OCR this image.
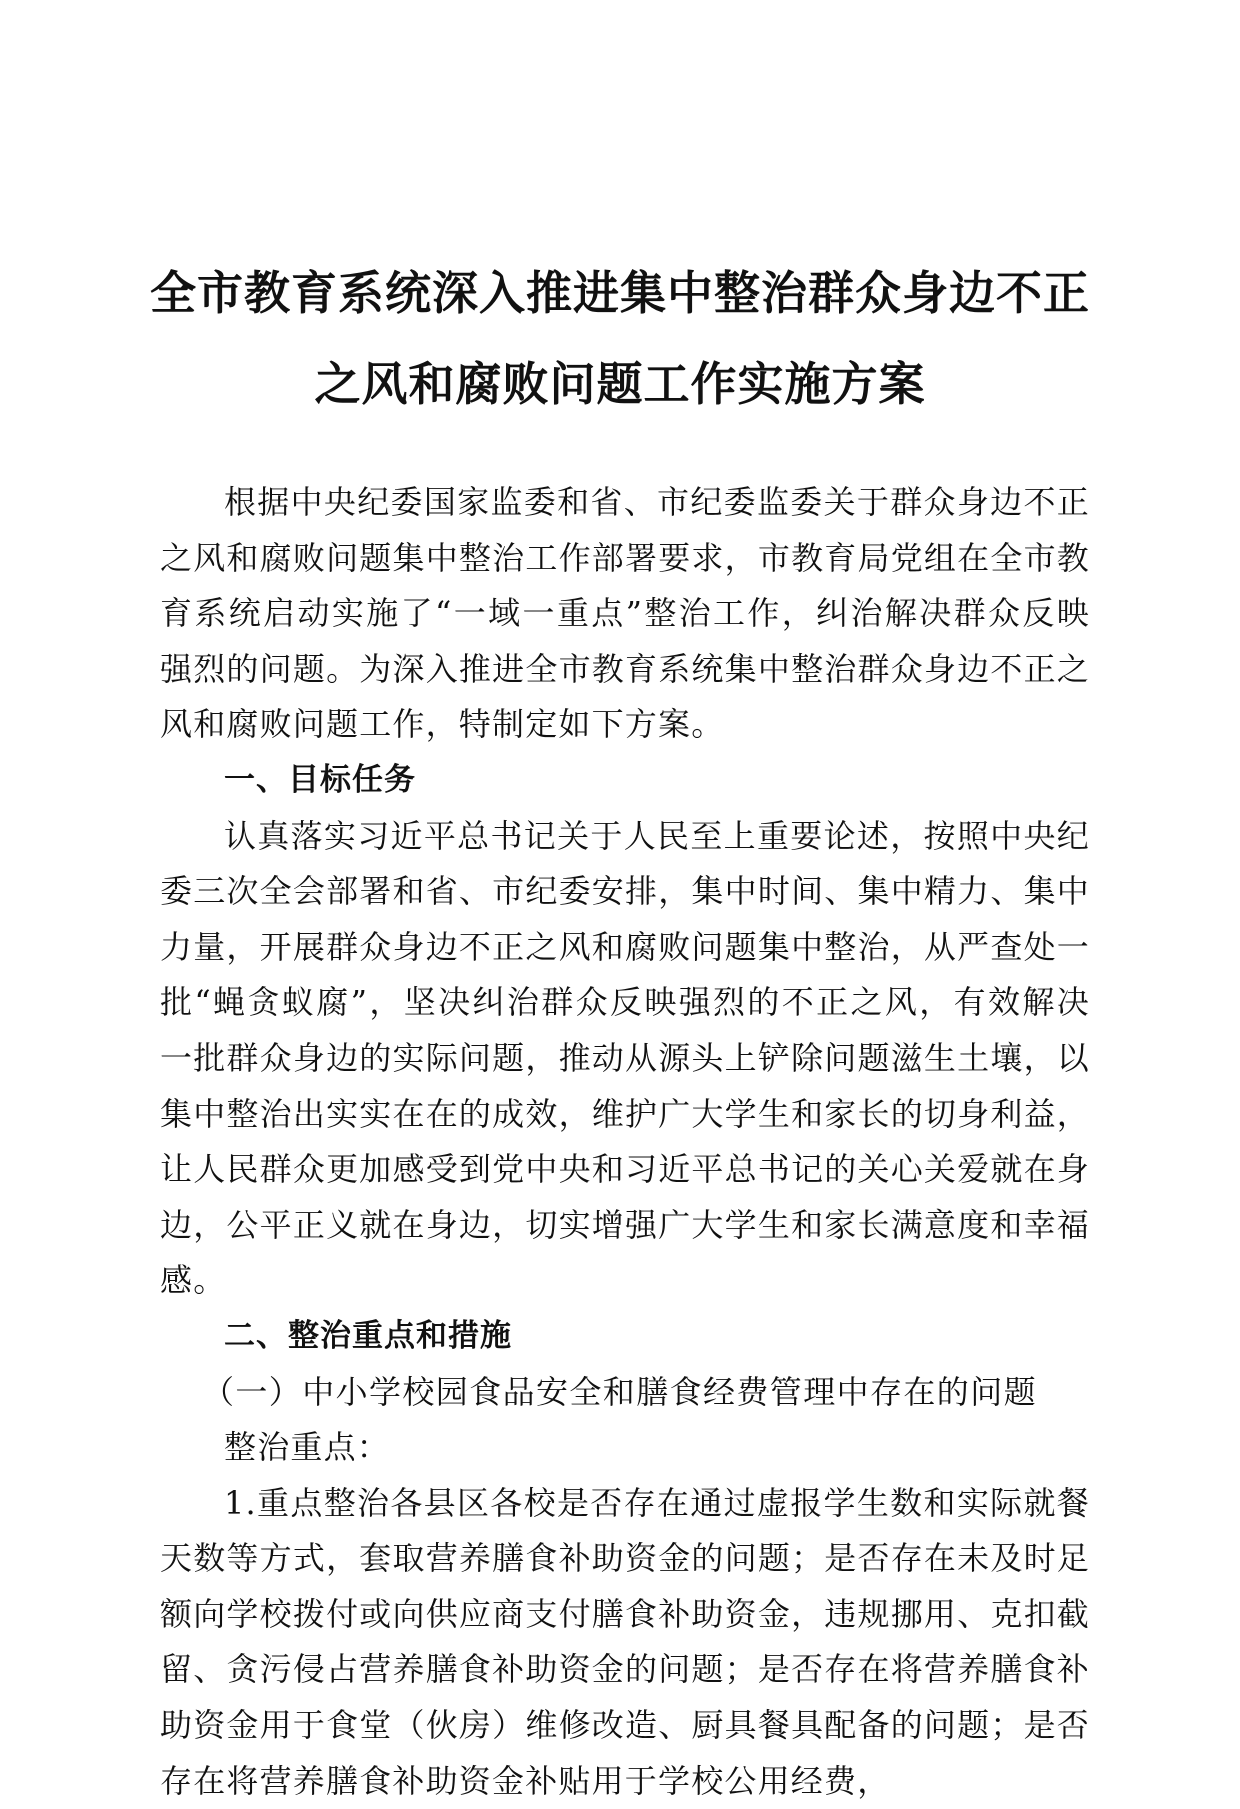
全市教育系统深入推进集中整治群众身边不正
之风和腐败问题工作实施方案

根据中央纪委国家监委和省、市纪委监委关于群众身边不正之风和腐败问题集中整治工作部署要求，市教育局党组在全市教育系统启动实施了“一域一重点”整治工作，纠治解决群众反映强烈的问题。为深入推进全市教育系统集中整治群众身边不正之风和腐败问题工作，特制定如下方案。

一、目标任务

认真落实习近平总书记关于人民至上重要论述，按照中央纪委三次全会部署和省、市纪委安排，集中时间、集中精力、集中力量，开展群众身边不正之风和腐败问题集中整治，从严查处一批“蝇贪蚁腐”，坚决纠治群众反映强烈的不正之风，有效解决一批群众身边的实际问题，推动从源头上铲除问题滋生土壤，以集中整治出实实在在的成效，维护广大学生和家长的切身利益，让人民群众更加感受到党中央和习近平总书记的关心关爱就在身边，公平正义就在身边，切实增强广大学生和家长满意度和幸福感。

二、整治重点和措施

（一）中小学校园食品安全和膳食经费管理中存在的问题

整治重点：

1.重点整治各县区各校是否存在通过虚报学生数和实际就餐天数等方式，套取营养膳食补助资金的问题；是否存在未及时足额向学校拨付或向供应商支付膳食补助资金，违规挪用、克扣截留、贪污侵占营养膳食补助资金的问题；是否存在将营养膳食补助资金用于食堂（伙房）维修改造、厨具餐具配备的问题；是否存在将营养膳食补助资金补贴用于学校公用经费，
